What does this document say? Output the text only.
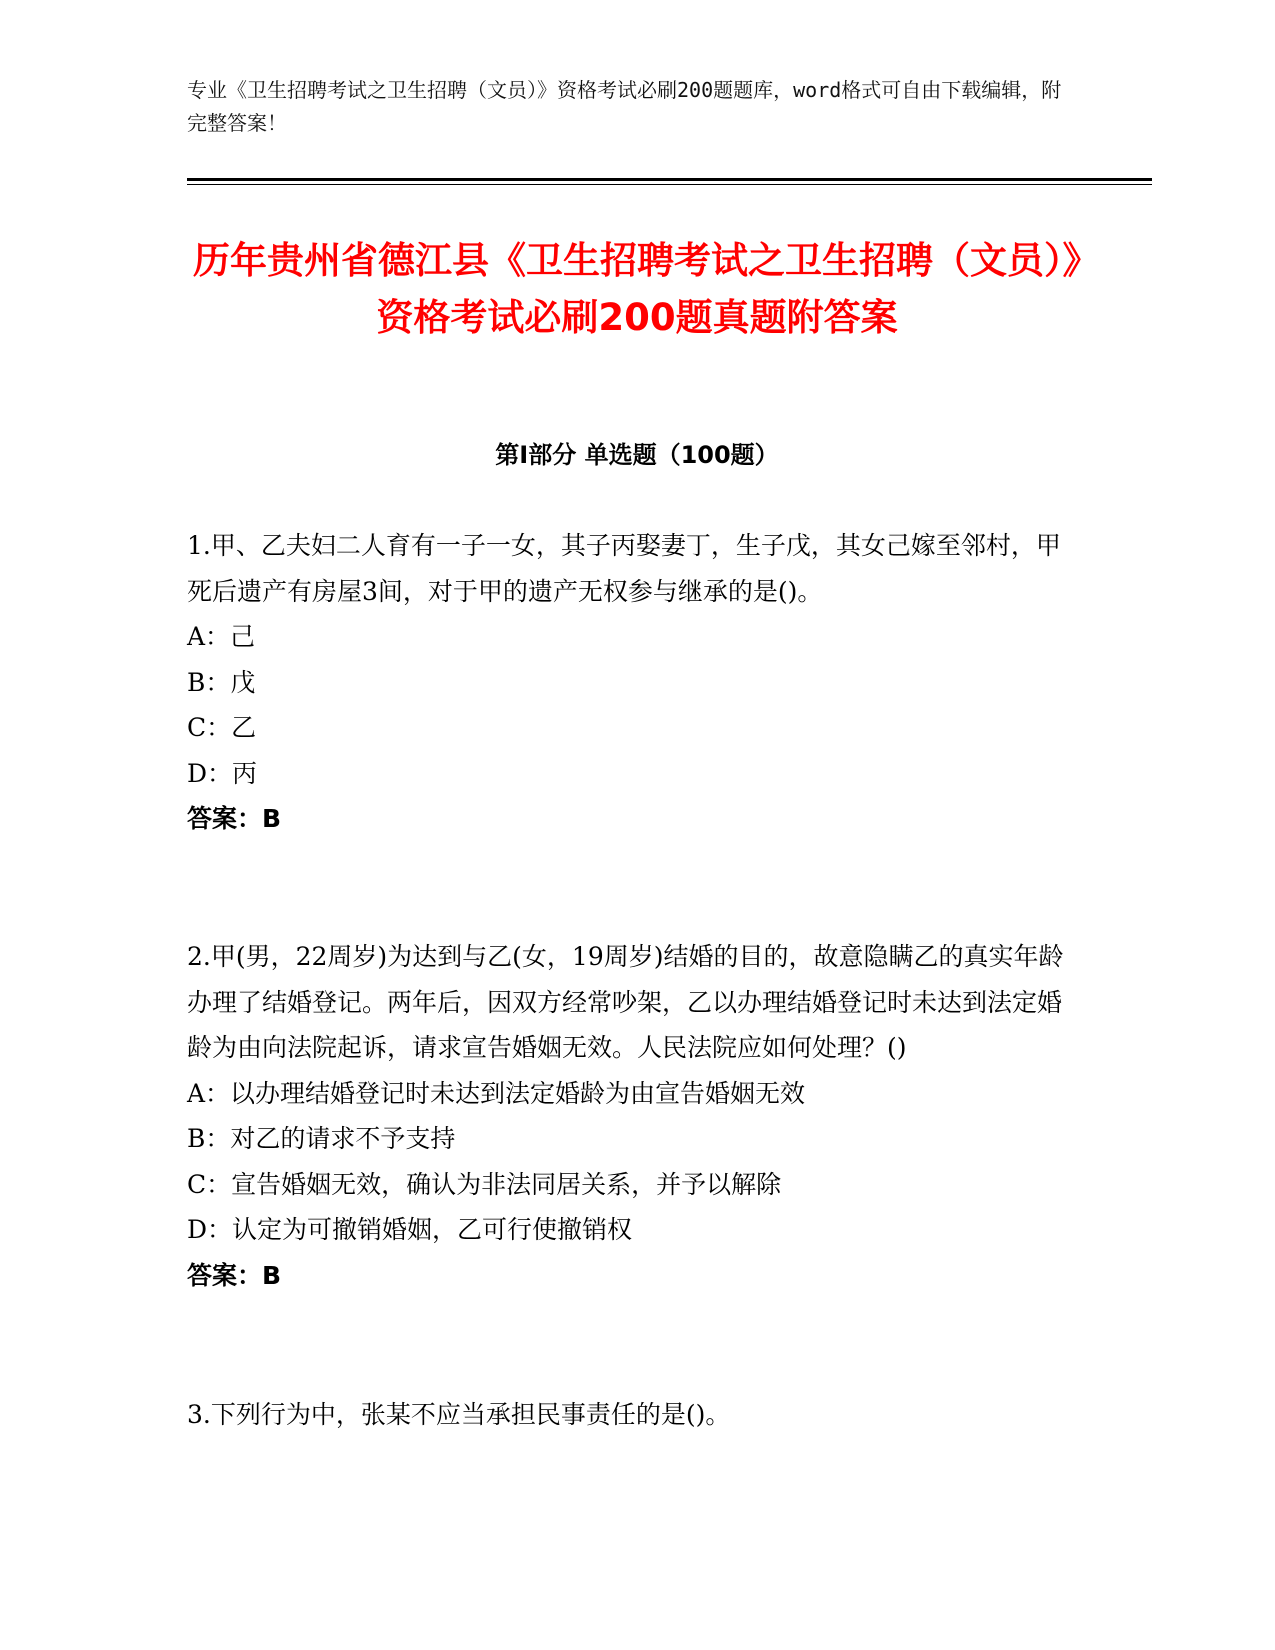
专业《卫生招聘考试之卫生招聘（文员）》资格考试必刷200题题库，word格式可自由下载编辑，附完整答案！
历年贵州省德江县《卫生招聘考试之卫生招聘（文员）》资格考试必刷200题真题附答案
第I部分 单选题（100题）

1.甲、乙夫妇二人育有一子一女，其子丙娶妻丁，生子戊，其女己嫁至邻村，甲死后遗产有房屋3间，对于甲的遗产无权参与继承的是()。

A：己
B：戊
C：乙
D：丙
答案：B

2.甲(男，22周岁)为达到与乙(女，19周岁)结婚的目的，故意隐瞒乙的真实年龄办理了结婚登记。两年后，因双方经常吵架，乙以办理结婚登记时未达到法定婚龄为由向法院起诉，请求宣告婚姻无效。人民法院应如何处理？()

A：以办理结婚登记时未达到法定婚龄为由宣告婚姻无效
B：对乙的请求不予支持
C：宣告婚姻无效，确认为非法同居关系，并予以解除
D：认定为可撤销婚姻，乙可行使撤销权
答案：B

3.下列行为中，张某不应当承担民事责任的是()。
